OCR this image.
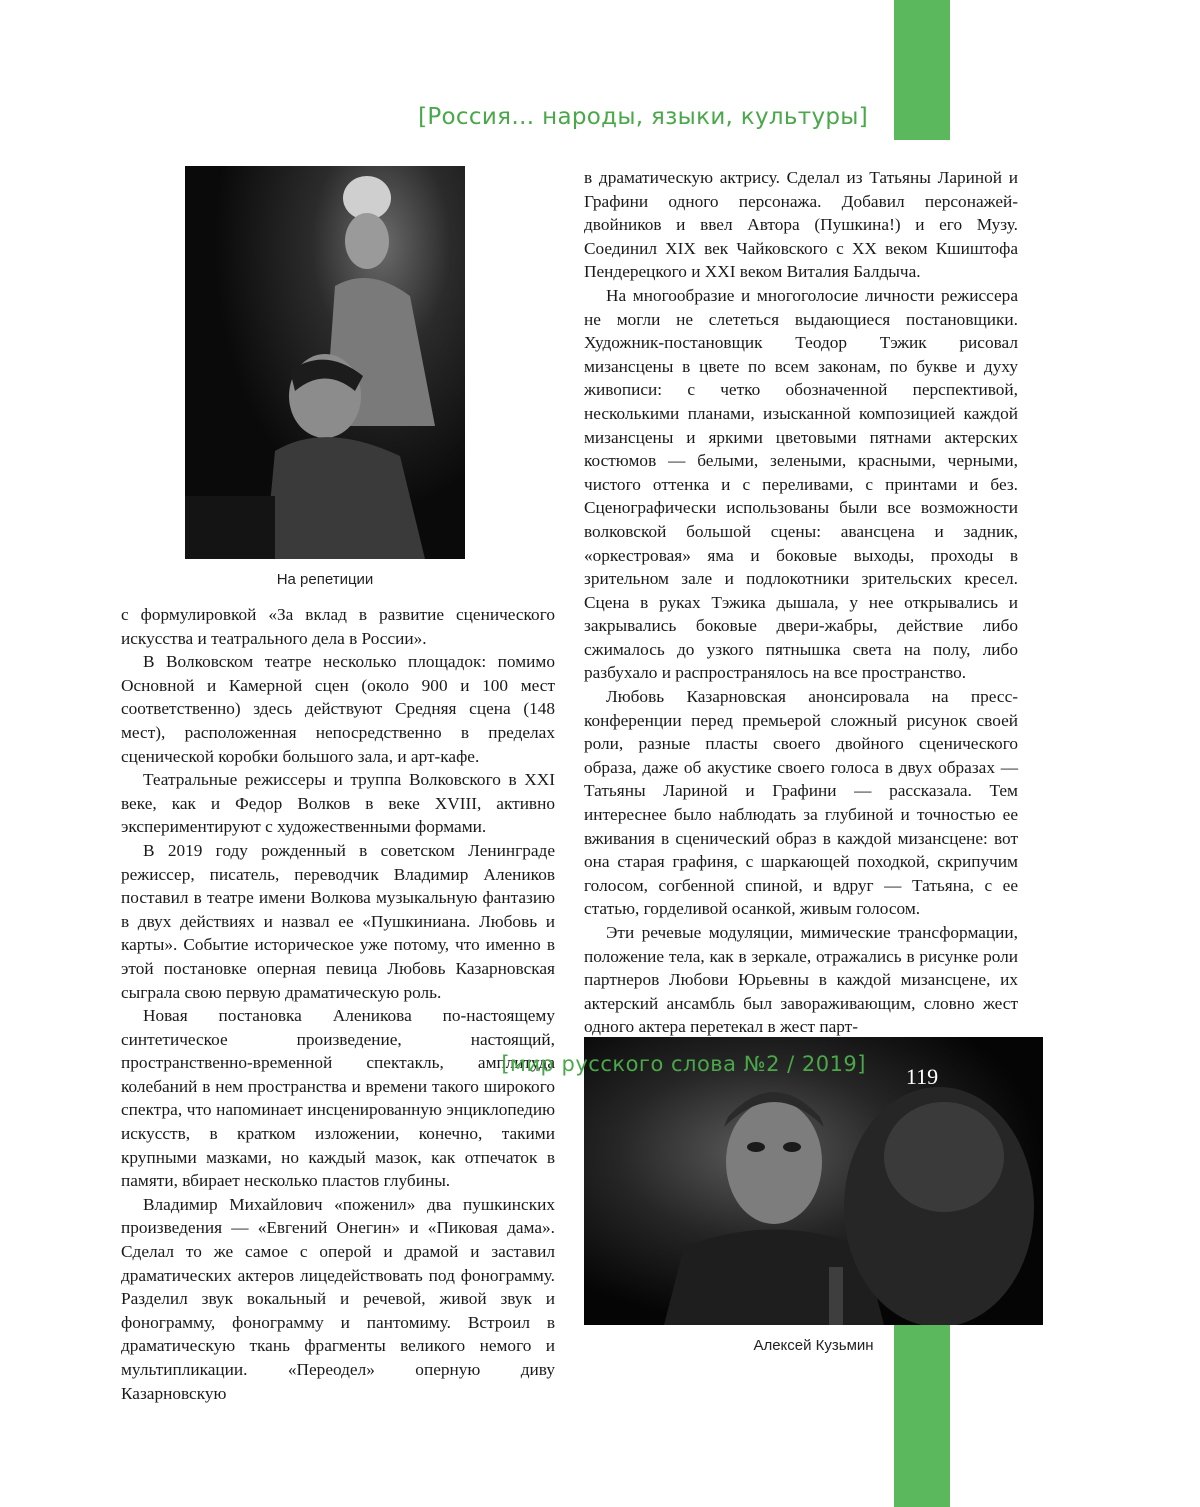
[Россия… народы, языки, культуры]
На репетиции
Алексей Кузьмин

с формулировкой «За вклад в развитие сценического искусства и театрального дела в России».

В Волковском театре несколько площадок: помимо Основной и Камерной сцен (около 900 и 100 мест соответственно) здесь действуют Средняя сцена (148 мест), расположенная непосредственно в пределах сценической коробки большого зала, и арт-кафе.

Театральные режиссеры и труппа Волковского в XXI веке, как и Федор Волков в веке XVIII, активно экспериментируют с художественными формами.

В 2019 году рожденный в советском Ленинграде режиссер, писатель, переводчик Владимир Алеников поставил в театре имени Волкова музыкальную фантазию в двух действиях и назвал ее «Пушкиниана. Любовь и карты». Событие историческое уже потому, что именно в этой постановке оперная певица Любовь Казарновская сыграла свою первую драматическую роль.

Новая постановка Аленикова по-настоящему синтетическое произведение, настоящий, пространственно-временной спектакль, амплитуда колебаний в нем пространства и времени такого широкого спектра, что напоминает инсценированную энциклопедию искусств, в кратком изложении, конечно, такими крупными мазками, но каждый мазок, как отпечаток в памяти, вбирает несколько пластов глубины.

Владимир Михайлович «поженил» два пушкинских произведения — «Евгений Онегин» и «Пиковая дама». Сделал то же самое с оперой и драмой и заставил драматических актеров лицедействовать под фонограмму. Разделил звук вокальный и речевой, живой звук и фонограмму, фонограмму и пантомиму. Встроил в драматическую ткань фрагменты великого немого и мультипликации. «Переодел» оперную диву Казарновскую

в драматическую актрису. Сделал из Татьяны Лариной и Графини одного персонажа. Добавил персонажей-двойников и ввел Автора (Пушкина!) и его Музу. Соединил XIX век Чайковского с XX веком Кшиштофа Пендерецкого и XXI веком Виталия Балдыча.

На многообразие и многоголосие личности режиссера не могли не слететься выдающиеся постановщики. Художник-постановщик Теодор Тэжик рисовал мизансцены в цвете по всем законам, по букве и духу живописи: с четко обозначенной перспективой, несколькими планами, изысканной композицией каждой мизансцены и яркими цветовыми пятнами актерских костюмов — белыми, зелеными, красными, черными, чистого оттенка и с переливами, с принтами и без. Сценографически использованы были все возможности волковской большой сцены: авансцена и задник, «оркестровая» яма и боковые выходы, проходы в зрительном зале и подлокотники зрительских кресел. Сцена в руках Тэжика дышала, у нее открывались и закрывались боковые двери-жабры, действие либо сжималось до узкого пятнышка света на полу, либо разбухало и распространялось на все пространство.

Любовь Казарновская анонсировала на пресс-конференции перед премьерой сложный рисунок своей роли, разные пласты своего двойного сценического образа, даже об акустике своего голоса в двух образах — Татьяны Лариной и Графини — рассказала. Тем интереснее было наблюдать за глубиной и точностью ее вживания в сценический образ в каждой мизансцене: вот она старая графиня, с шаркающей походкой, скрипучим голосом, согбенной спиной, и вдруг — Татьяна, с ее статью, горделивой осанкой, живым голосом.

Эти речевые модуляции, мимические трансформации, положение тела, как в зеркале, отражались в рисунке роли партнеров Любови Юрьевны в каждой мизансцене, их актерский ансамбль был завораживающим, словно жест одного актера перетекал в жест парт-

[мир русского слова №2 / 2019]	119
